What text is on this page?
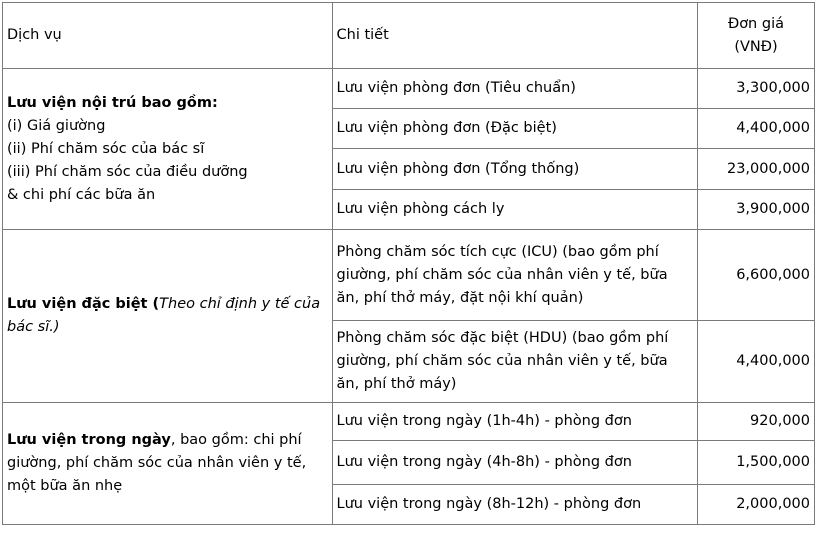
Dịch vụ	Chi tiết	Đơn giá
(VNĐ)

Lưu viện nội trú bao gồm:
(i) Giá giường
(ii) Phí chăm sóc của bác sĩ
(iii) Phí chăm sóc của điều dưỡng
& chi phí các bữa ăn	Lưu viện phòng đơn (Tiêu chuẩn)	3,300,000
	Lưu viện phòng đơn (Đặc biệt)	4,400,000
	Lưu viện phòng đơn (Tổng thống)	23,000,000
	Lưu viện phòng cách ly	3,900,000
Lưu viện đặc biệt (Theo chỉ định y tế của bác sĩ.)	Phòng chăm sóc tích cực (ICU) (bao gồm phí giường, phí chăm sóc của nhân viên y tế, bữa ăn, phí thở máy, đặt nội khí quản)	6,600,000
	Phòng chăm sóc đặc biệt (HDU) (bao gồm phí giường, phí chăm sóc của nhân viên y tế, bữa ăn, phí thở máy)	4,400,000
Lưu viện trong ngày, bao gồm: chi phí giường, phí chăm sóc của nhân viên y tế, một bữa ăn nhẹ	Lưu viện trong ngày (1h-4h) - phòng đơn	920,000
	Lưu viện trong ngày (4h-8h) - phòng đơn	1,500,000
	Lưu viện trong ngày (8h-12h) - phòng đơn	2,000,000
